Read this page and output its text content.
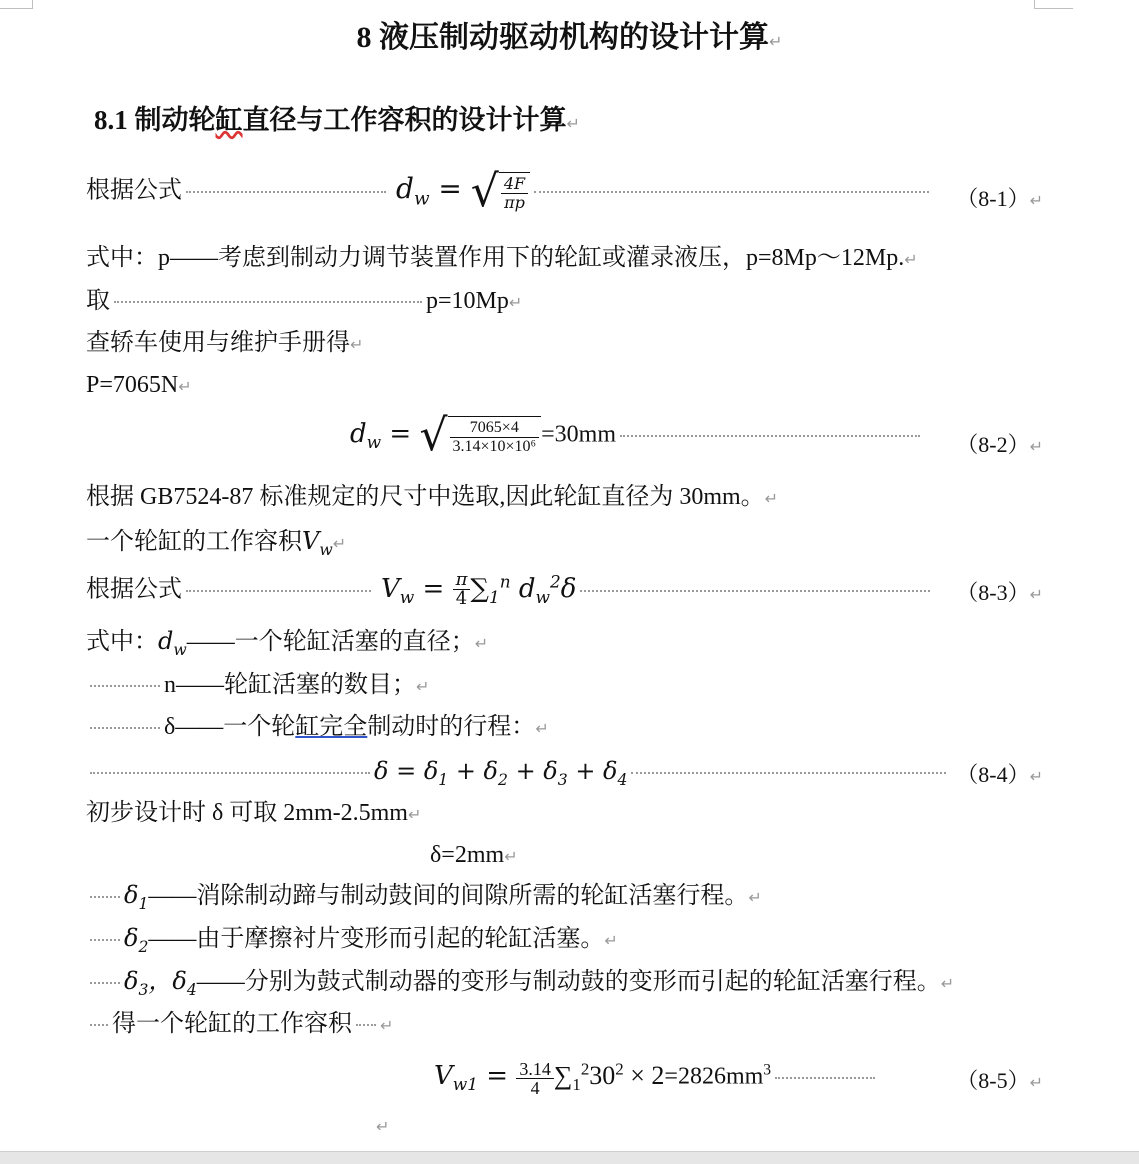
8 液压制动驱动机构的设计计算↵
8.1 制动轮缸直径与工作容积的设计计算↵
根据公式	$d_w$ = √ $\frac{4F}{\pi p}$	（8-1）↵
式中：p——考虑到制动力调节装置作用下的轮缸或灌录液压，p=8Mp～12Mp.↵
取	p=10Mp↵
查轿车使用与维护手册得↵
P=7065N↵
$d_w$ = √ $\frac{7065\times 4}{\text{3.14×10×10⁶}} =30mm$	（8-2）↵
根据 GB7524-87 标准规定的尺寸中选取,因此轮缸直径为 30mm。↵
一个轮缸的工作容积$V_w↵$
根据公式	$V_w = \frac{\pi}{4} \sum_1^n$ $d_w^2\delta$	（8-3）↵
式中：$d_w——$一个轮缸活塞的直径；↵
n——轮缸活塞的数目；↵
δ——一个轮缸完全制动时的行程：↵
$\delta = \delta_1 + \delta_2 + \delta_3 + \delta_4$	（8-4）↵
初步设计时 δ 可取 2mm-2.5mm↵
δ=2mm↵
$\delta_1——$消除制动蹄与制动鼓间的间隙所需的轮缸活塞行程。↵
$\delta_2——$由于摩擦衬片变形而引起的轮缸活塞。↵
$\delta_3$，$\delta_4——$分别为鼓式制动器的变形与制动鼓的变形而引起的轮缸活塞行程。↵
得一个轮缸的工作容积 ↵
$V_{w1} = \frac{3.14}{4} \sum_1^230^2 \times 2=2826mm^3$	（8-5）↵
↵
